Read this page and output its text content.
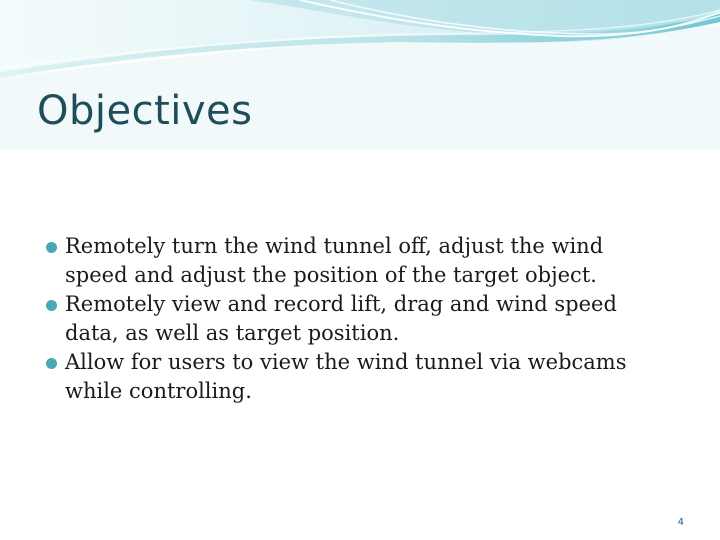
Objectives
Remotely turn the wind tunnel off, adjust the wind speed and adjust the position of the target object.
Remotely view and record lift, drag and wind speed data, as well as target position.
Allow for users to view the wind tunnel via webcams while controlling.
4
